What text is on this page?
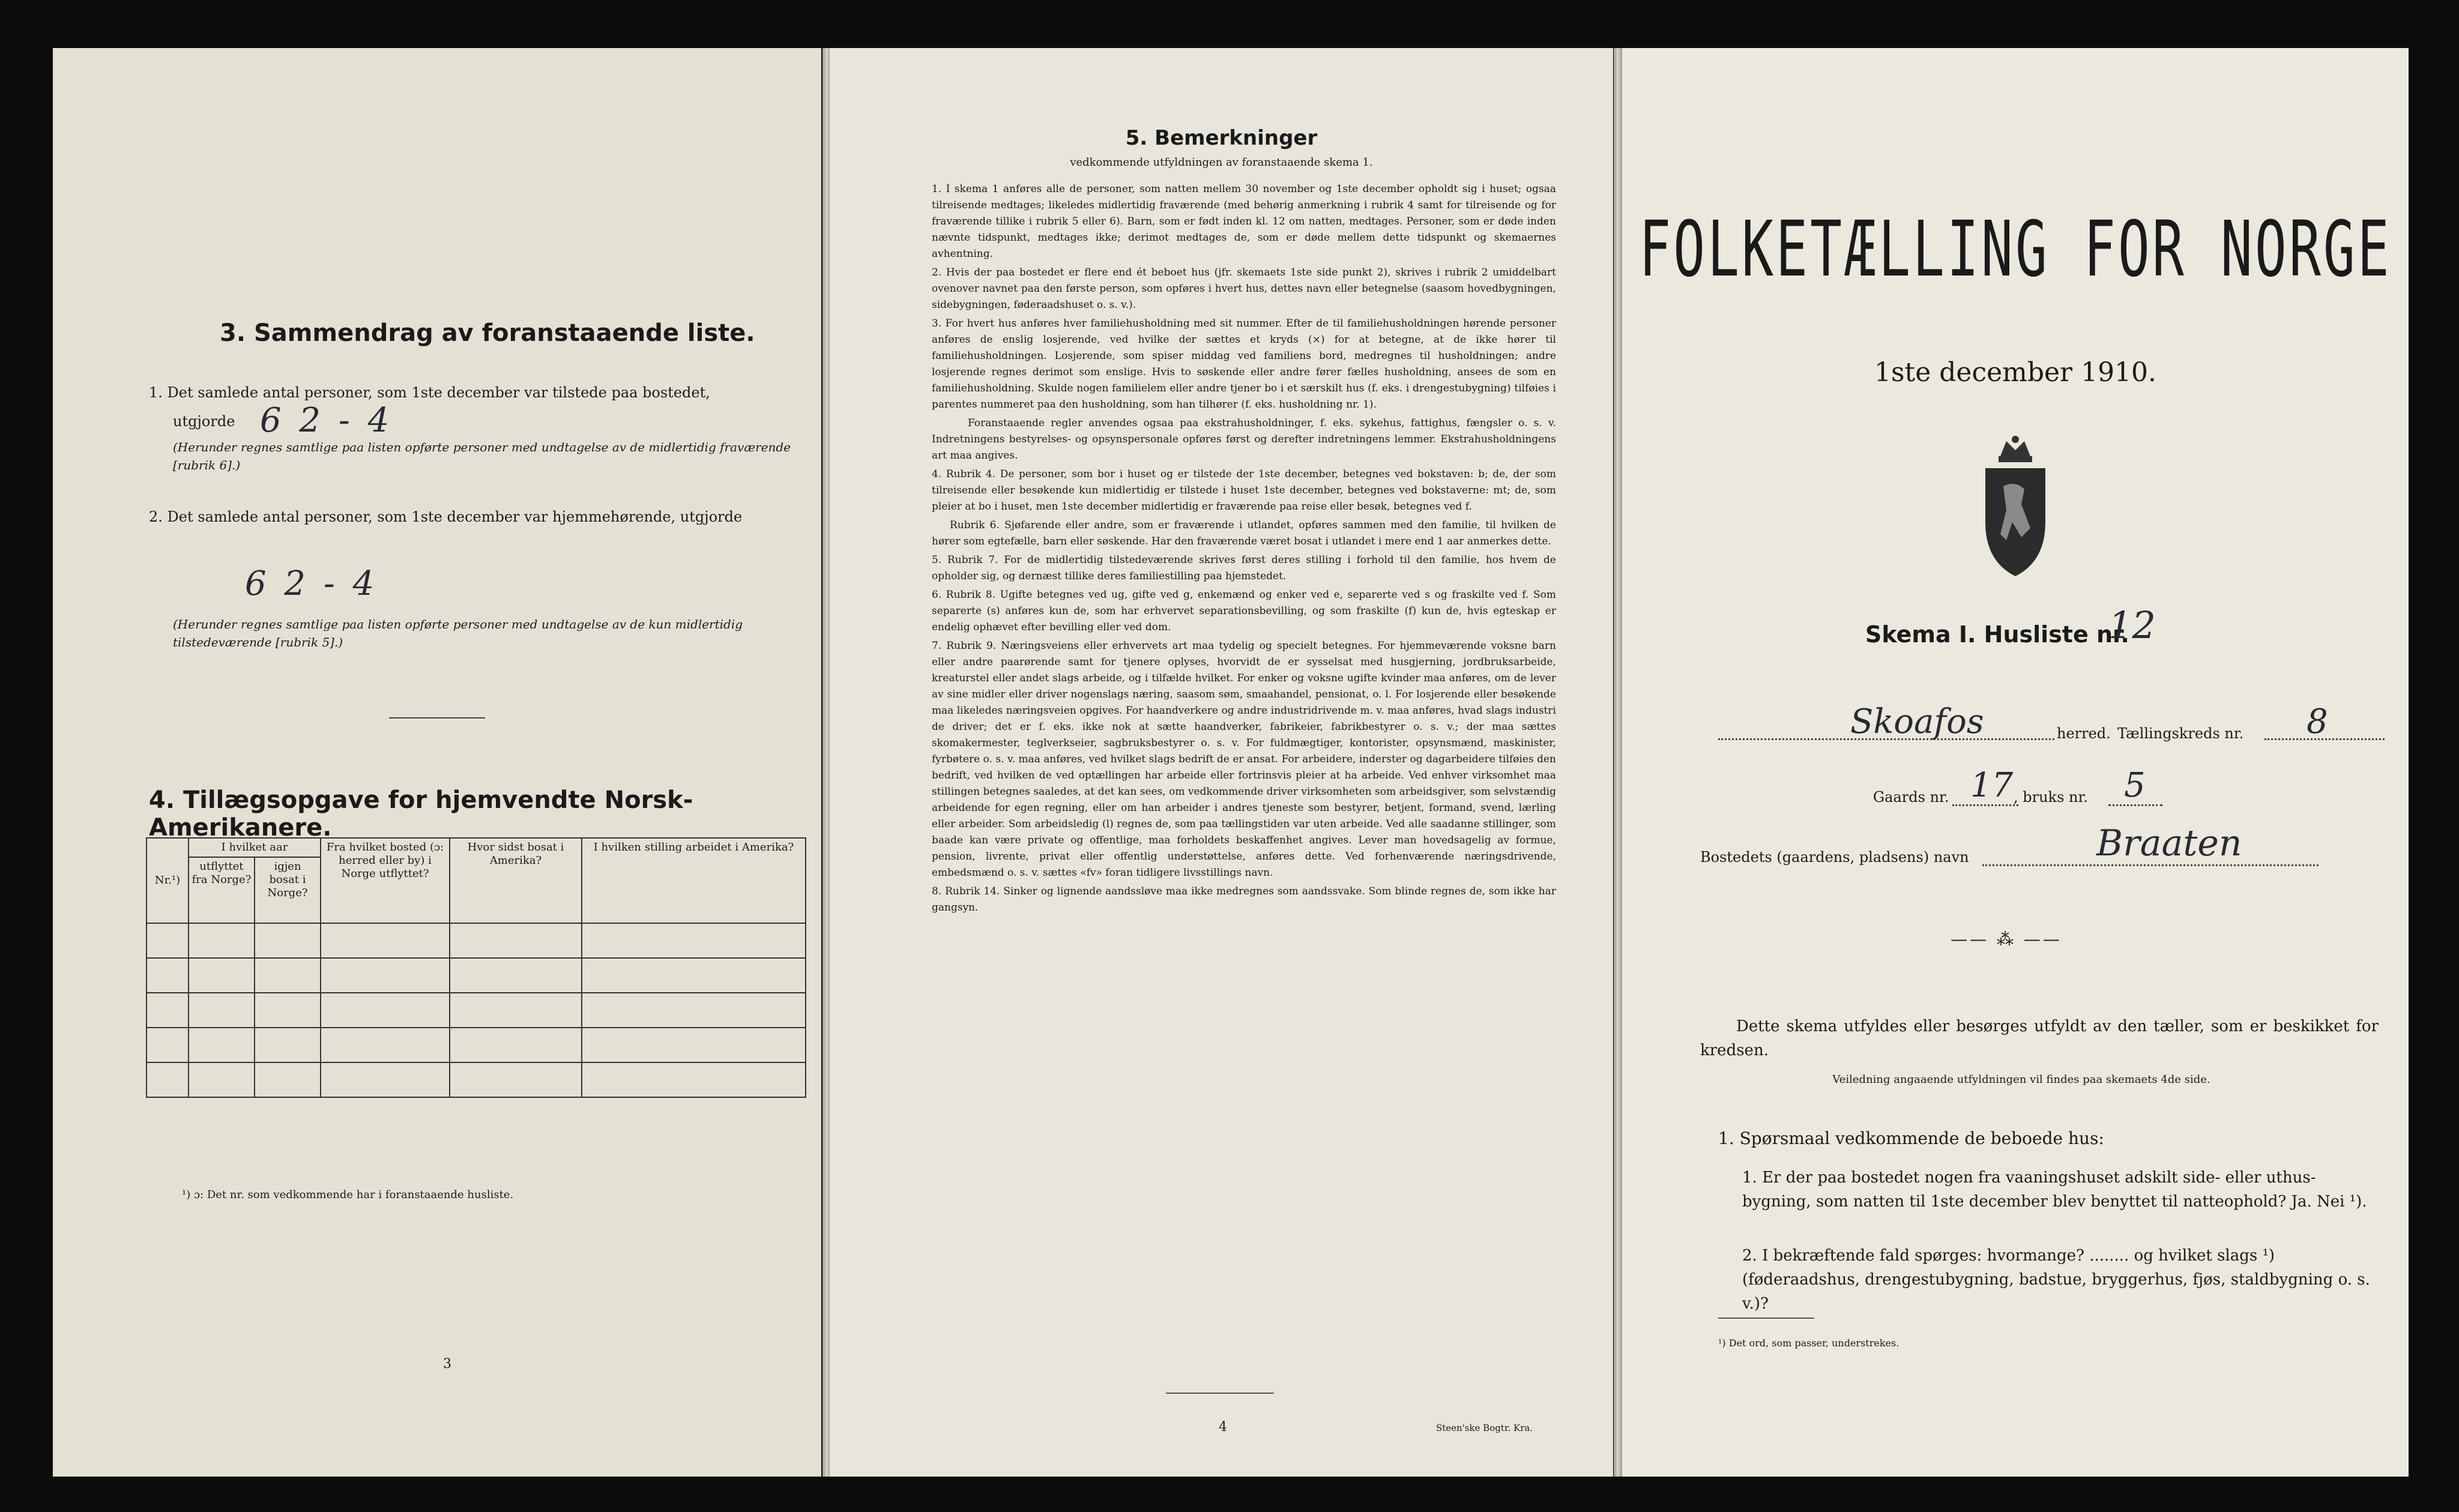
3. Sammendrag av foranstaaende liste.
1. Det samlede antal personer, som 1ste december var tilstede paa bostedet,
utgjorde 6 2 - 4
(Herunder regnes samtlige paa listen opførte personer med undtagelse av de midlertidig fraværende [rubrik 6].)
2. Det samlede antal personer, som 1ste december var hjemmehørende, utgjorde
6 2 - 4
(Herunder regnes samtlige paa listen opførte personer med undtagelse av de kun midlertidig tilstedeværende [rubrik 5].)
4. Tillægsopgave for hjemvendte Norsk-Amerikanere.
Nr.¹)	I hvilket aar		Fra hvilket bosted (ɔ: herred eller by) i Norge utflyttet?	Hvor sidst bosat i Amerika?	I hvilken stilling arbeidet i Amerika?
	utflyttet fra Norge?	igjen bosat i Norge?			

¹) ɔ: Det nr. som vedkommende har i foranstaaende husliste.
3
5. Bemerkninger
vedkommende utfyldningen av foranstaaende skema 1.

1. I skema 1 anføres alle de personer, som natten mellem 30 november og 1ste december opholdt sig i huset; ogsaa tilreisende medtages; likeledes midlertidig fraværende (med behørig anmerkning i rubrik 4 samt for tilreisende og for fraværende tillike i rubrik 5 eller 6). Barn, som er født inden kl. 12 om natten, medtages. Personer, som er døde inden nævnte tidspunkt, medtages ikke; derimot medtages de, som er døde mellem dette tidspunkt og skemaernes avhentning.

2. Hvis der paa bostedet er flere end ét beboet hus (jfr. skemaets 1ste side punkt 2), skrives i rubrik 2 umiddelbart ovenover navnet paa den første person, som opføres i hvert hus, dettes navn eller betegnelse (saasom hovedbygningen, sidebygningen, føderaadshuset o. s. v.).

3. For hvert hus anføres hver familiehusholdning med sit nummer. Efter de til familiehusholdningen hørende personer anføres de enslig losjerende, ved hvilke der sættes et kryds (×) for at betegne, at de ikke hører til familiehusholdningen. Losjerende, som spiser middag ved familiens bord, medregnes til husholdningen; andre losjerende regnes derimot som enslige. Hvis to søskende eller andre fører fælles husholdning, ansees de som en familiehusholdning. Skulde nogen familielem eller andre tjener bo i et særskilt hus (f. eks. i drengestubygning) tilføies i parentes nummeret paa den husholdning, som han tilhører (f. eks. husholdning nr. 1).

Foranstaaende regler anvendes ogsaa paa ekstrahusholdninger, f. eks. sykehus, fattighus, fængsler o. s. v. Indretningens bestyrelses- og opsynspersonale opføres først og derefter indretningens lemmer. Ekstrahusholdningens art maa angives.

4. Rubrik 4. De personer, som bor i huset og er tilstede der 1ste december, betegnes ved bokstaven: b; de, der som tilreisende eller besøkende kun midlertidig er tilstede i huset 1ste december, betegnes ved bokstaverne: mt; de, som pleier at bo i huset, men 1ste december midlertidig er fraværende paa reise eller besøk, betegnes ved f.

Rubrik 6. Sjøfarende eller andre, som er fraværende i utlandet, opføres sammen med den familie, til hvilken de hører som egtefælle, barn eller søskende. Har den fraværende været bosat i utlandet i mere end 1 aar anmerkes dette.

5. Rubrik 7. For de midlertidig tilstedeværende skrives først deres stilling i forhold til den familie, hos hvem de opholder sig, og dernæst tillike deres familiestilling paa hjemstedet.

6. Rubrik 8. Ugifte betegnes ved ug, gifte ved g, enkemænd og enker ved e, separerte ved s og fraskilte ved f. Som separerte (s) anføres kun de, som har erhvervet separationsbevilling, og som fraskilte (f) kun de, hvis egteskap er endelig ophævet efter bevilling eller ved dom.

7. Rubrik 9. Næringsveiens eller erhvervets art maa tydelig og specielt betegnes. For hjemmeværende voksne barn eller andre paarørende samt for tjenere oplyses, hvorvidt de er sysselsat med husgjerning, jordbruksarbeide, kreaturstel eller andet slags arbeide, og i tilfælde hvilket. For enker og voksne ugifte kvinder maa anføres, om de lever av sine midler eller driver nogenslags næring, saasom søm, smaahandel, pensionat, o. l. For losjerende eller besøkende maa likeledes næringsveien opgives. For haandverkere og andre industridrivende m. v. maa anføres, hvad slags industri de driver; det er f. eks. ikke nok at sætte haandverker, fabrikeier, fabrikbestyrer o. s. v.; der maa sættes skomakermester, teglverkseier, sagbruksbestyrer o. s. v. For fuldmægtiger, kontorister, opsynsmænd, maskinister, fyrbøtere o. s. v. maa anføres, ved hvilket slags bedrift de er ansat. For arbeidere, inderster og dagarbeidere tilføies den bedrift, ved hvilken de ved optællingen har arbeide eller fortrinsvis pleier at ha arbeide. Ved enhver virksomhet maa stillingen betegnes saaledes, at det kan sees, om vedkommende driver virksomheten som arbeidsgiver, som selvstændig arbeidende for egen regning, eller om han arbeider i andres tjeneste som bestyrer, betjent, formand, svend, lærling eller arbeider. Som arbeidsledig (l) regnes de, som paa tællingstiden var uten arbeide. Ved alle saadanne stillinger, som baade kan være private og offentlige, maa forholdets beskaffenhet angives. Lever man hovedsagelig av formue, pension, livrente, privat eller offentlig understøttelse, anføres dette. Ved forhenværende næringsdrivende, embedsmænd o. s. v. sættes «fv» foran tidligere livsstillings navn.

8. Rubrik 14. Sinker og lignende aandssløve maa ikke medregnes som aandssvake. Som blinde regnes de, som ikke har gangsyn.

4	Steen'ske Bogtr. Kra.
FOLKETÆLLING FOR NORGE
1ste december 1910.
Skema I. Husliste nr.
12
Skoafos	herred. Tællingskreds nr. 8
Gaards nr. 17 , bruks nr. 5
Bostedets (gaardens, pladsens) navn	Braaten
—— ⁂ ——
Dette skema utfyldes eller besørges utfyldt av den tæller, som er beskikket for kredsen.
Veiledning angaaende utfyldningen vil findes paa skemaets 4de side.
1. Spørsmaal vedkommende de beboede hus:
1. Er der paa bostedet nogen fra vaaningshuset adskilt side- eller uthus-bygning, som natten til 1ste december blev benyttet til natteophold? Ja. Nei ¹).
2. I bekræftende fald spørges: hvormange? ........ og hvilket slags ¹) (føderaadshus, drengestubygning, badstue, bryggerhus, fjøs, staldbygning o. s. v.)?
¹) Det ord, som passer, understrekes.
